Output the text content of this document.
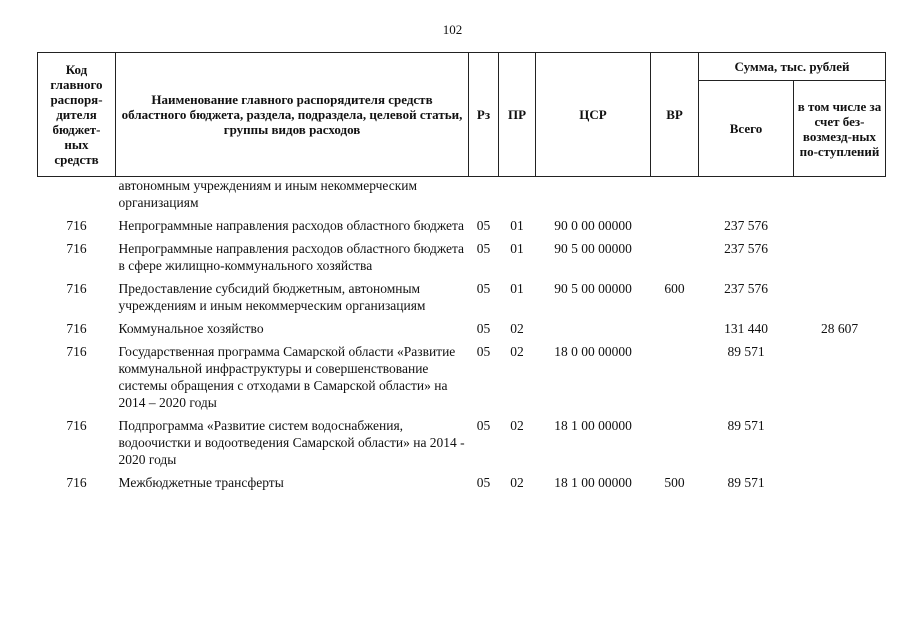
102
Код главного распоря-дителя бюджет-ных средств	Наименование главного распорядителя средств областного бюджета, раздела, подраздела, целевой статьи, группы видов расходов	Рз	ПР	ЦСР	ВР	Сумма, тыс. рублей	
						Всего	в том числе за счет без-возмезд-ных по-ступлений
	автономным учреждениям и иным некоммерческим организациям						
716	Непрограммные направления расходов областного бюджета	05	01	90 0 00 00000		237 576	
716	Непрограммные направления расходов областного бюджета в сфере жилищно-коммунального хозяйства	05	01	90 5 00 00000		237 576	
716	Предоставление субсидий бюджетным, автономным учреждениям и иным некоммерческим организациям	05	01	90 5 00 00000	600	237 576	
716	Коммунальное хозяйство	05	02			131 440	28 607
716	Государственная программа Самарской области «Развитие коммунальной инфраструктуры и совершенствование системы обращения с отходами в Самарской области» на 2014 – 2020 годы	05	02	18 0 00 00000		89 571	
716	Подпрограмма «Развитие систем водоснабжения, водоочистки и водоотведения Самарской области» на 2014 - 2020 годы	05	02	18 1 00 00000		89 571	
716	Межбюджетные трансферты	05	02	18 1 00 00000	500	89 571	
